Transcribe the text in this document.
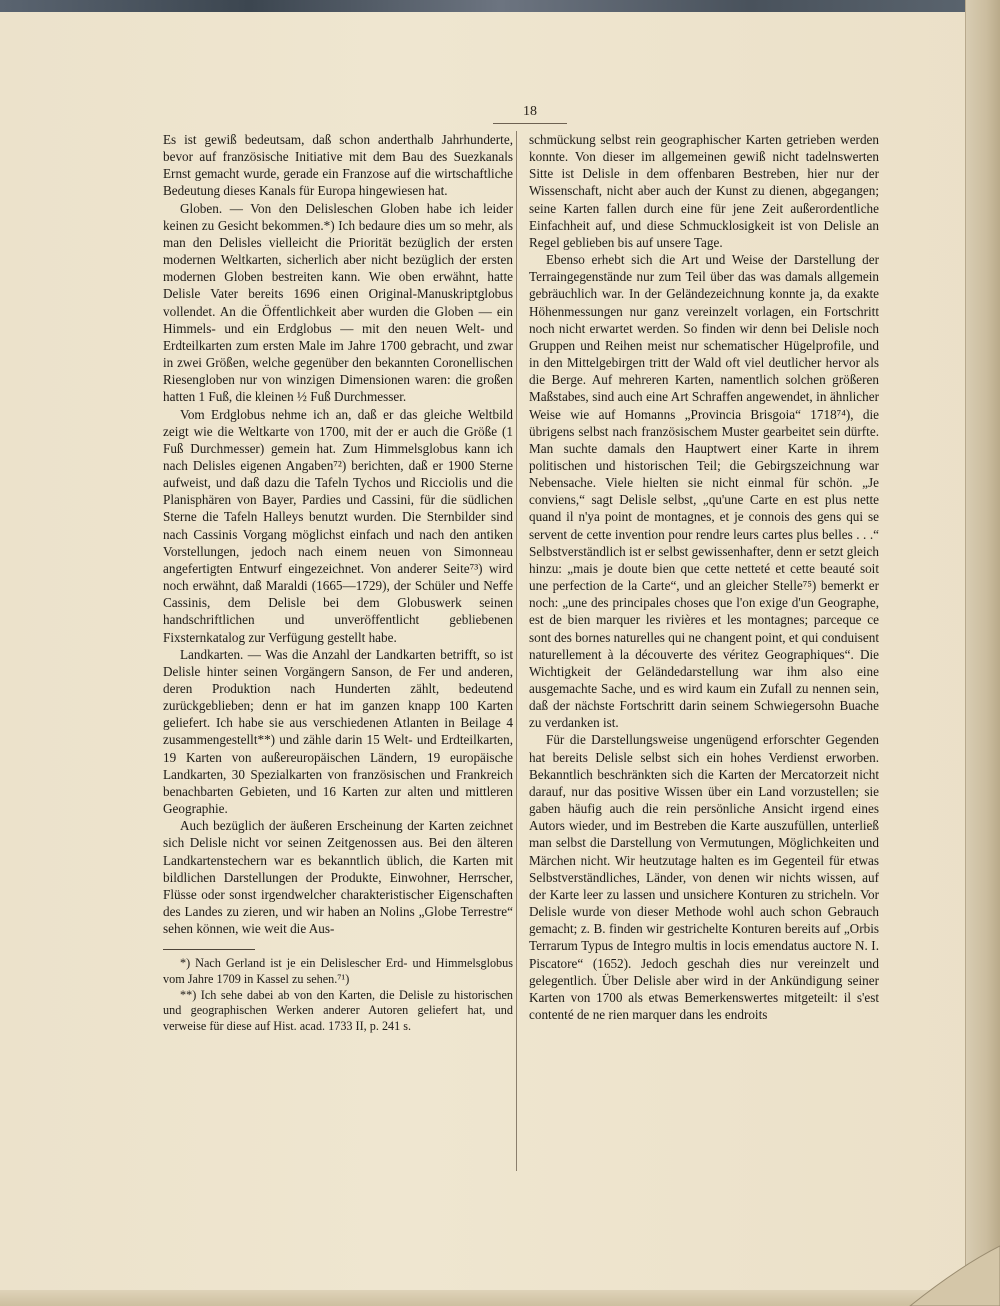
18

Es ist gewiß bedeutsam, daß schon anderthalb Jahrhunderte, bevor auf französische Initiative mit dem Bau des Suezkanals Ernst gemacht wurde, gerade ein Franzose auf die wirtschaftliche Bedeutung dieses Kanals für Europa hingewiesen hat.

Globen. — Von den Delisleschen Globen habe ich leider keinen zu Gesicht bekommen.*) Ich bedaure dies um so mehr, als man den Delisles vielleicht die Priorität bezüglich der ersten modernen Weltkarten, sicherlich aber nicht bezüglich der ersten modernen Globen bestreiten kann. Wie oben erwähnt, hatte Delisle Vater bereits 1696 einen Original-Manuskriptglobus vollendet. An die Öffentlichkeit aber wurden die Globen — ein Himmels- und ein Erdglobus — mit den neuen Welt- und Erdteilkarten zum ersten Male im Jahre 1700 gebracht, und zwar in zwei Größen, welche gegenüber den bekannten Coronellischen Riesengloben nur von winzigen Dimensionen waren: die großen hatten 1 Fuß, die kleinen ½ Fuß Durchmesser.

Vom Erdglobus nehme ich an, daß er das gleiche Weltbild zeigt wie die Weltkarte von 1700, mit der er auch die Größe (1 Fuß Durchmesser) gemein hat. Zum Himmelsglobus kann ich nach Delisles eigenen Angaben⁷²) berichten, daß er 1900 Sterne aufweist, und daß dazu die Tafeln Tychos und Ricciolis und die Planisphären von Bayer, Pardies und Cassini, für die südlichen Sterne die Tafeln Halleys benutzt wurden. Die Sternbilder sind nach Cassinis Vorgang möglichst einfach und nach den antiken Vorstellungen, jedoch nach einem neuen von Simonneau angefertigten Entwurf eingezeichnet. Von anderer Seite⁷³) wird noch erwähnt, daß Maraldi (1665—1729), der Schüler und Neffe Cassinis, dem Delisle bei dem Globuswerk seinen handschriftlichen und unveröffentlicht gebliebenen Fixsternkatalog zur Verfügung gestellt habe.

Landkarten. — Was die Anzahl der Landkarten betrifft, so ist Delisle hinter seinen Vorgängern Sanson, de Fer und anderen, deren Produktion nach Hunderten zählt, bedeutend zurückgeblieben; denn er hat im ganzen knapp 100 Karten geliefert. Ich habe sie aus verschiedenen Atlanten in Beilage 4 zusammengestellt**) und zähle darin 15 Welt- und Erdteilkarten, 19 Karten von außereuropäischen Ländern, 19 europäische Landkarten, 30 Spezialkarten von französischen und Frankreich benachbarten Gebieten, und 16 Karten zur alten und mittleren Geographie.

Auch bezüglich der äußeren Erscheinung der Karten zeichnet sich Delisle nicht vor seinen Zeitgenossen aus. Bei den älteren Landkartenstechern war es bekanntlich üblich, die Karten mit bildlichen Darstellungen der Produkte, Einwohner, Herrscher, Flüsse oder sonst irgendwelcher charakteristischer Eigenschaften des Landes zu zieren, und wir haben an Nolins „Globe Terrestre“ sehen können, wie weit die Aus-

*) Nach Gerland ist je ein Delislescher Erd- und Himmelsglobus vom Jahre 1709 in Kassel zu sehen.⁷¹)

**) Ich sehe dabei ab von den Karten, die Delisle zu historischen und geographischen Werken anderer Autoren geliefert hat, und verweise für diese auf Hist. acad. 1733 II, p. 241 s.

schmückung selbst rein geographischer Karten getrieben werden konnte. Von dieser im allgemeinen gewiß nicht tadelnswerten Sitte ist Delisle in dem offenbaren Bestreben, hier nur der Wissenschaft, nicht aber auch der Kunst zu dienen, abgegangen; seine Karten fallen durch eine für jene Zeit außerordentliche Einfachheit auf, und diese Schmucklosigkeit ist von Delisle an Regel geblieben bis auf unsere Tage.

Ebenso erhebt sich die Art und Weise der Darstellung der Terraingegenstände nur zum Teil über das was damals allgemein gebräuchlich war. In der Geländezeichnung konnte ja, da exakte Höhenmessungen nur ganz vereinzelt vorlagen, ein Fortschritt noch nicht erwartet werden. So finden wir denn bei Delisle noch Gruppen und Reihen meist nur schematischer Hügelprofile, und in den Mittelgebirgen tritt der Wald oft viel deutlicher hervor als die Berge. Auf mehreren Karten, namentlich solchen größeren Maßstabes, sind auch eine Art Schraffen angewendet, in ähnlicher Weise wie auf Homanns „Provincia Brisgoia“ 1718⁷⁴), die übrigens selbst nach französischem Muster gearbeitet sein dürfte. Man suchte damals den Hauptwert einer Karte in ihrem politischen und historischen Teil; die Gebirgszeichnung war Nebensache. Viele hielten sie nicht einmal für schön. „Je conviens,“ sagt Delisle selbst, „qu'une Carte en est plus nette quand il n'ya point de montagnes, et je connois des gens qui se servent de cette invention pour rendre leurs cartes plus belles . . .“ Selbstverständlich ist er selbst gewissenhafter, denn er setzt gleich hinzu: „mais je doute bien que cette netteté et cette beauté soit une perfection de la Carte“, und an gleicher Stelle⁷⁵) bemerkt er noch: „une des principales choses que l'on exige d'un Geographe, est de bien marquer les rivières et les montagnes; parceque ce sont des bornes naturelles qui ne changent point, et qui conduisent naturellement à la découverte des véritez Geographiques“. Die Wichtigkeit der Geländedarstellung war ihm also eine ausgemachte Sache, und es wird kaum ein Zufall zu nennen sein, daß der nächste Fortschritt darin seinem Schwiegersohn Buache zu verdanken ist.

Für die Darstellungsweise ungenügend erforschter Gegenden hat bereits Delisle selbst sich ein hohes Verdienst erworben. Bekanntlich beschränkten sich die Karten der Mercatorzeit nicht darauf, nur das positive Wissen über ein Land vorzustellen; sie gaben häufig auch die rein persönliche Ansicht irgend eines Autors wieder, und im Bestreben die Karte auszufüllen, unterließ man selbst die Darstellung von Vermutungen, Möglichkeiten und Märchen nicht. Wir heutzutage halten es im Gegenteil für etwas Selbstverständliches, Länder, von denen wir nichts wissen, auf der Karte leer zu lassen und unsichere Konturen zu stricheln. Vor Delisle wurde von dieser Methode wohl auch schon Gebrauch gemacht; z. B. finden wir gestrichelte Konturen bereits auf „Orbis Terrarum Typus de Integro multis in locis emendatus auctore N. I. Piscatore“ (1652). Jedoch geschah dies nur vereinzelt und gelegentlich. Über Delisle aber wird in der Ankündigung seiner Karten von 1700 als etwas Bemerkenswertes mitgeteilt: il s'est contenté de ne rien marquer dans les endroits
